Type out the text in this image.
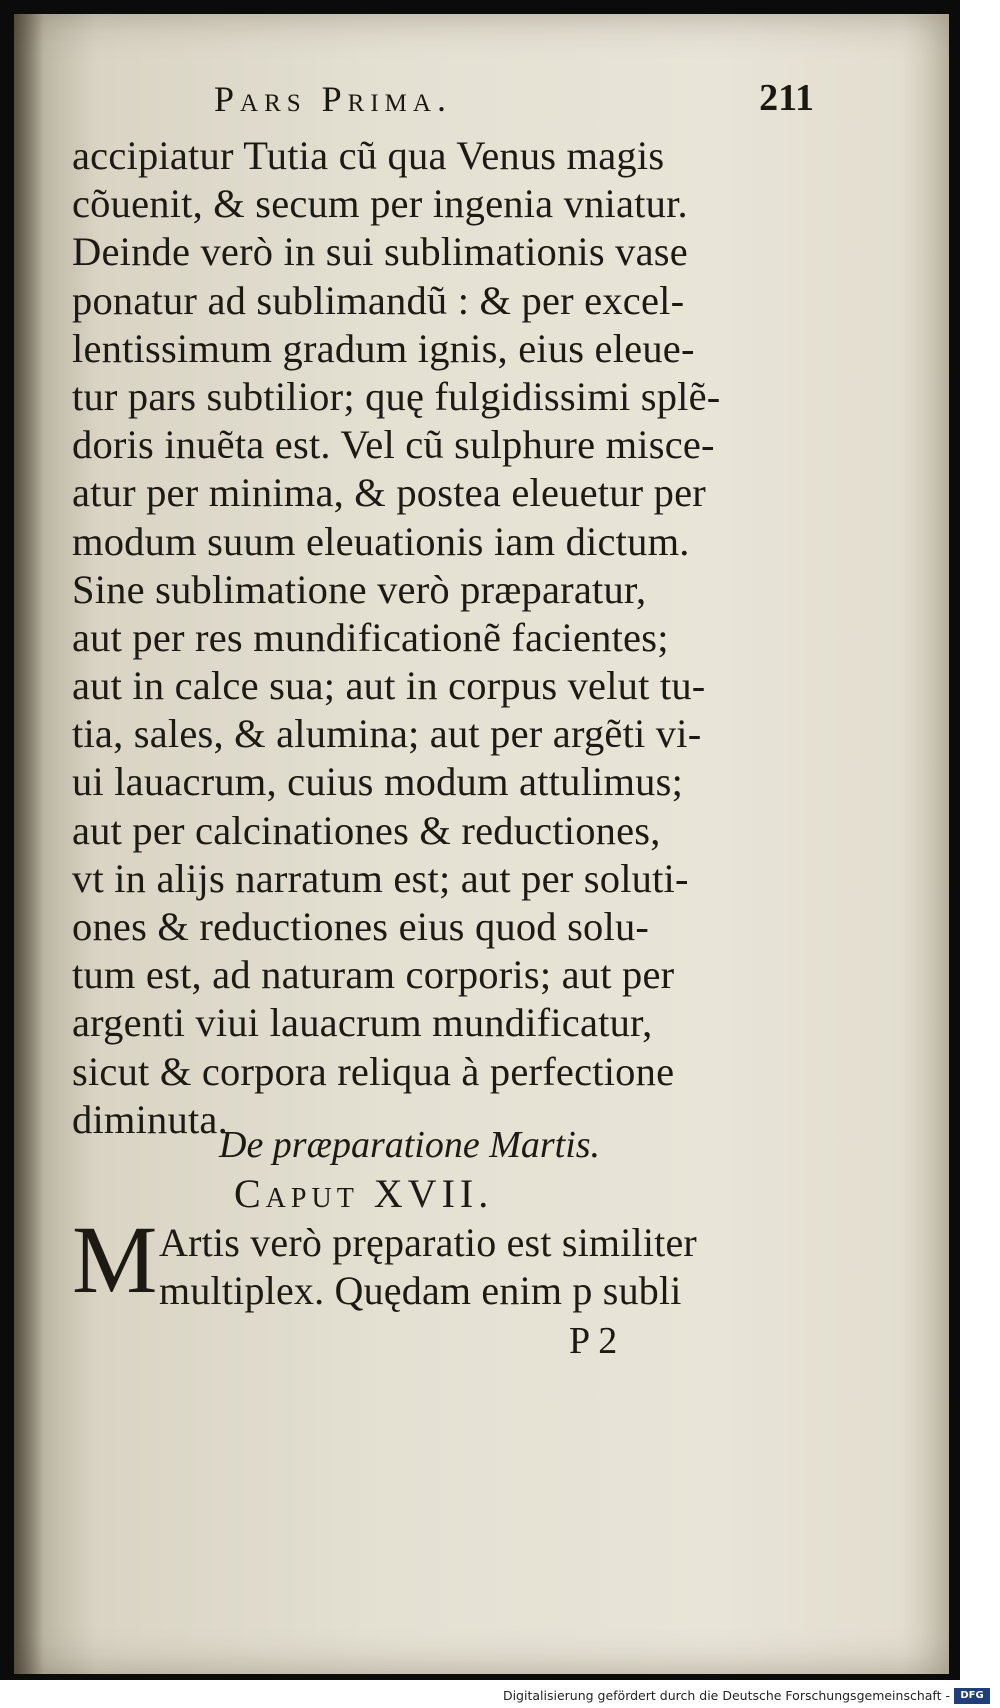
Pars Prima.	211
accipiatur Tutia cũ qua Venus magis
cõuenit, & secum per ingenia vniatur.
Deinde verò in sui sublimationis vase
ponatur ad sublimandũ : & per excel-
lentissimum gradum ignis, eius eleue-
tur pars subtilior; quę fulgidissimi splẽ-
doris inuẽta est. Vel cũ sulphure misce-
atur per minima, & postea eleuetur per
modum suum eleuationis iam dictum.
Sine sublimatione verò præparatur,
aut per res mundificationẽ facientes;
aut in calce sua; aut in corpus velut tu-
tia, sales, & alumina; aut per argẽti vi-
ui lauacrum, cuius modum attulimus;
aut per calcinationes & reductiones,
vt in alijs narratum est; aut per soluti-
ones & reductiones eius quod solu-
tum est, ad naturam corporis; aut per
argenti viui lauacrum mundificatur,
sicut & corpora reliqua à perfectione
diminuta.
De præparatione Martis.
Caput XVII.
M Artis verò pręparatio est similiter
multiplex. Quędam enim p subli
P 2
Digitalisierung gefördert durch die Deutsche Forschungsgemeinschaft -	DFG
